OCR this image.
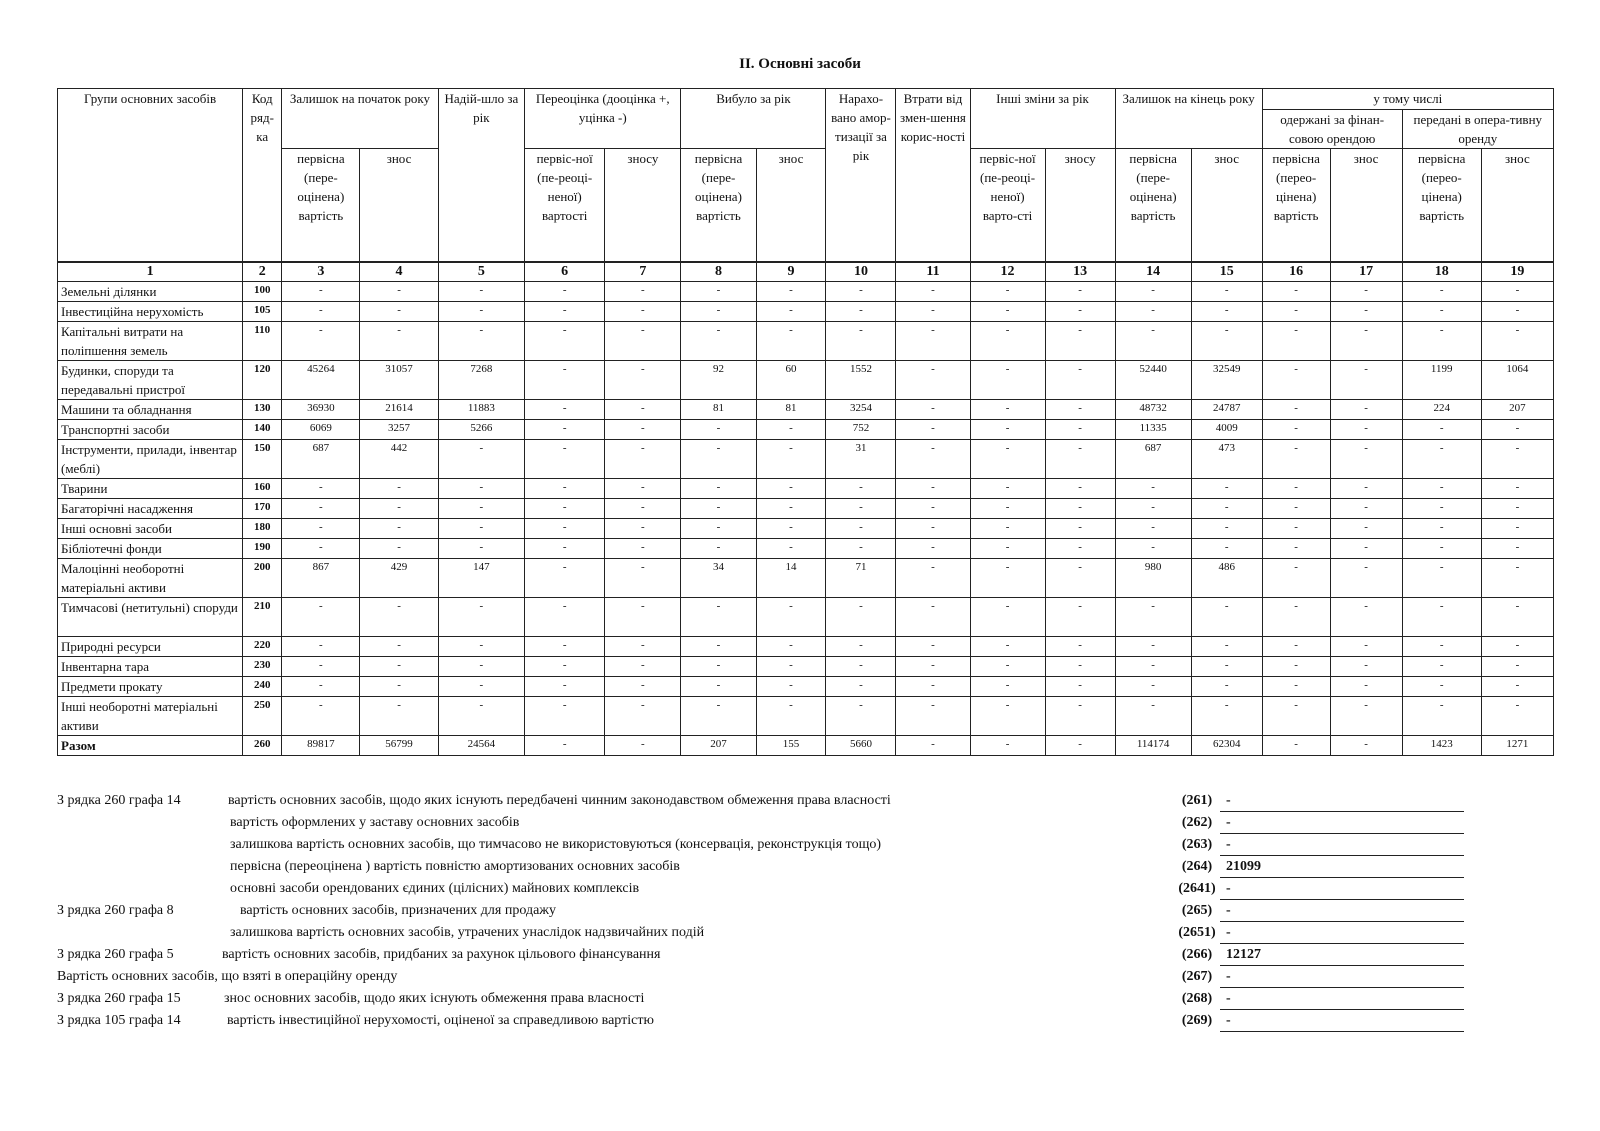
II. Основні засоби
Групи основних засобів	Код ряд-ка	Залишок на початок року		Надій-шло за рік	Переоцінка (дооцінка +, уцінка -)		Вибуло за рік		Нарахо-вано амор-тизації за рік	Втрати від змен-шення корис-ності	Інші зміни за рік		Залишок на кінець року		у тому числі			
															одержані за фінан-совою орендою		передані в опера-тивну оренду	
		первісна (пере-оцінена) вартість	знос		первіс-ної (пе-реоці-неної) вартості	зносу	первісна (пере-оцінена) вартість	знос			первіс-ної (пе-реоці-неної) варто-сті	зносу	первісна (пере-оцінена) вартість	знос	первісна (перео-цінена) вартість	знос	первісна (перео-цінена) вартість	знос
1	2	3	4	5	6	7	8	9	10	11	12	13	14	15	16	17	18	19
Земельні ділянки	100	-	-	-	-	-	-	-	-	-	-	-	-	-	-	-	-	-
Інвестиційна нерухомість	105	-	-	-	-	-	-	-	-	-	-	-	-	-	-	-	-	-
Капітальні витрати на поліпшення земель	110	-	-	-	-	-	-	-	-	-	-	-	-	-	-	-	-	-
Будинки, споруди та передавальні пристрої	120	45264	31057	7268	-	-	92	60	1552	-	-	-	52440	32549	-	-	1199	1064
Машини та обладнання	130	36930	21614	11883	-	-	81	81	3254	-	-	-	48732	24787	-	-	224	207
Транспортні засоби	140	6069	3257	5266	-	-	-	-	752	-	-	-	11335	4009	-	-	-	-
Інструменти, прилади, інвентар (меблі)	150	687	442	-	-	-	-	-	31	-	-	-	687	473	-	-	-	-
Тварини	160	-	-	-	-	-	-	-	-	-	-	-	-	-	-	-	-	-
Багаторічні насадження	170	-	-	-	-	-	-	-	-	-	-	-	-	-	-	-	-	-
Інші основні засоби	180	-	-	-	-	-	-	-	-	-	-	-	-	-	-	-	-	-
Бібліотечні фонди	190	-	-	-	-	-	-	-	-	-	-	-	-	-	-	-	-	-
Малоцінні необоротні матеріальні активи	200	867	429	147	-	-	34	14	71	-	-	-	980	486	-	-	-	-
Тимчасові (нетитульні) споруди	210	-	-	-	-	-	-	-	-	-	-	-	-	-	-	-	-	-
Природні ресурси	220	-	-	-	-	-	-	-	-	-	-	-	-	-	-	-	-	-
Інвентарна тара	230	-	-	-	-	-	-	-	-	-	-	-	-	-	-	-	-	-
Предмети прокату	240	-	-	-	-	-	-	-	-	-	-	-	-	-	-	-	-	-
Інші необоротні матеріальні активи	250	-	-	-	-	-	-	-	-	-	-	-	-	-	-	-	-	-
Разом	260	89817	56799	24564	-	-	207	155	5660	-	-	-	114174	62304	-	-	1423	1271
З рядка 260 графа 14	вартість основних засобів, щодо яких існують передбачені чинним законодавством обмеження права власності	(261) -
вартість оформлених у заставу основних засобів	(262) -
залишкова вартість основних засобів, що тимчасово не використовуються (консервація, реконструкція тощо)	(263) -
первісна (переоцінена ) вартість повністю амортизованих основних засобів	(264) 21099
основні засоби орендованих єдиних (цілісних) майнових комплексів	(2641) -
З рядка 260 графа 8	вартість основних засобів, призначених для продажу	(265) -
залишкова вартість основних засобів, утрачених унаслідок надзвичайних подій	(2651) -
З рядка 260 графа 5	вартість основних засобів, придбаних за рахунок цільового фінансування	(266) 12127
Вартість основних засобів, що взяті в операційну оренду	(267) -
З рядка 260 графа 15	знос основних засобів, щодо яких існують обмеження права власності	(268) -
З рядка 105 графа 14	вартість інвестиційної нерухомості, оціненої за справедливою вартістю	(269) -
